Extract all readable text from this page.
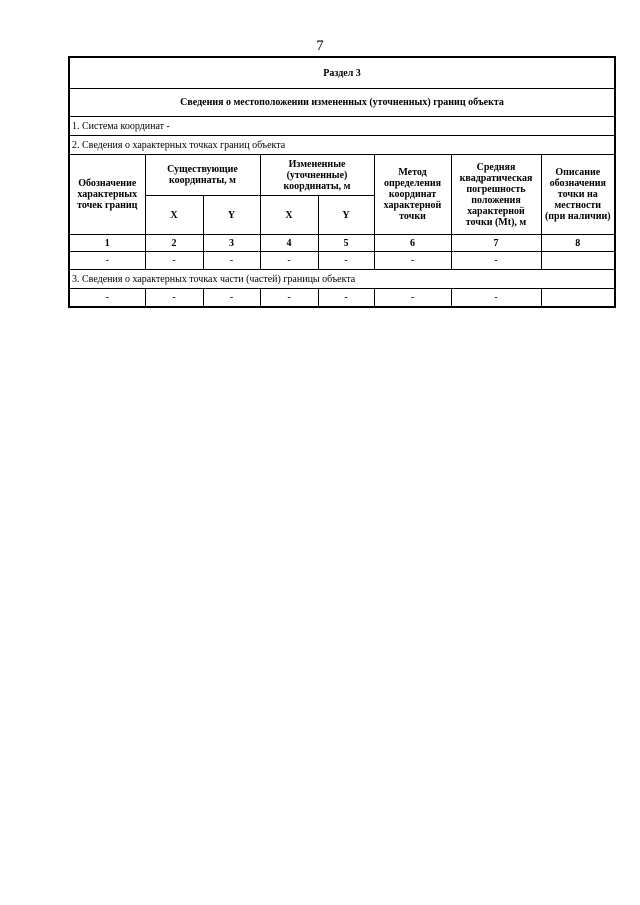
7
Раздел 3							
Сведения о местоположении измененных (уточненных) границ объекта							
1. Система координат -							
2. Сведения о характерных точках границ объекта							
Обозначение характерных точек границ	Существующие координаты, м		Измененные (уточненные) координаты, м		Метод определения координат характерной точки	Средняя квадратическая погрешность положения характерной точки (Mt), м	Описание обозначения точки на местности (при наличии)
	X	Y	X	Y			
1	2	3	4	5	6	7	8
-	-	-	-	-	-	-	
3. Сведения о характерных точках части (частей) границы объекта							
-	-	-	-	-	-	-	
